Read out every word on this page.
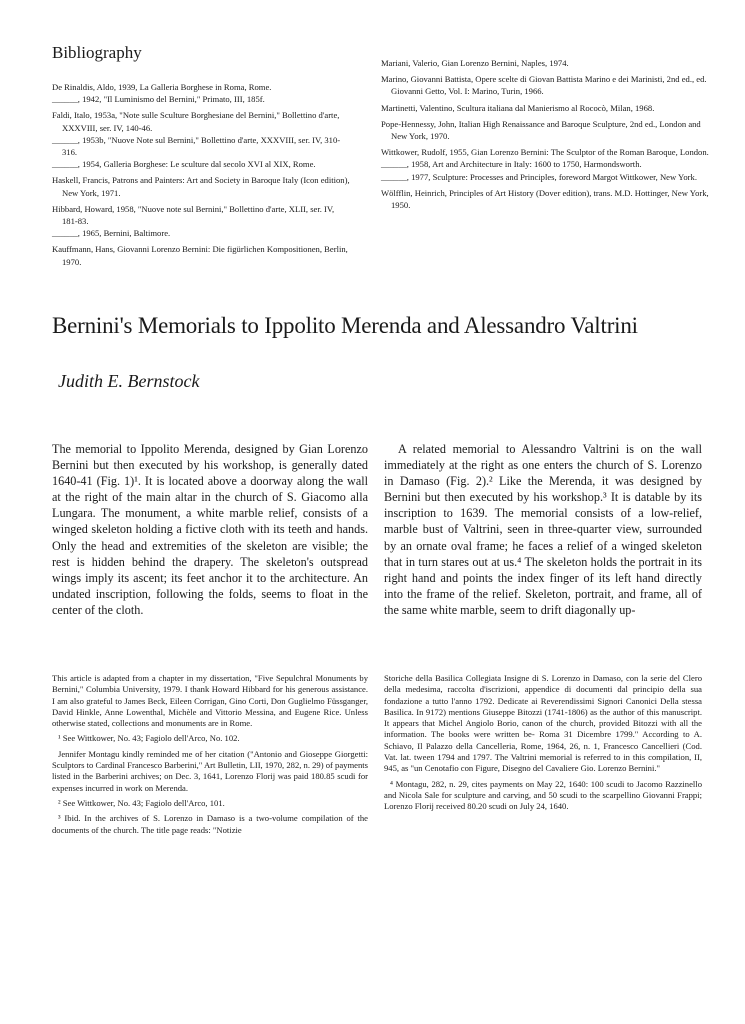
Bibliography
De Rinaldis, Aldo, 1939, La Galleria Borghese in Roma, Rome.
______, 1942, "Il Luminismo del Bernini," Primato, III, 185f.
Faldi, Italo, 1953a, "Note sulle Sculture Borghesiane del Bernini," Bollettino d'arte, XXXVIII, ser. IV, 140-46.
______, 1953b, "Nuove Note sul Bernini," Bollettino d'arte, XXXVIII, ser. IV, 310-316.
______, 1954, Galleria Borghese: Le sculture dal secolo XVI al XIX, Rome.
Haskell, Francis, Patrons and Painters: Art and Society in Baroque Italy (Icon edition), New York, 1971.
Hibbard, Howard, 1958, "Nuove note sul Bernini," Bollettino d'arte, XLII, ser. IV, 181-83.
______, 1965, Bernini, Baltimore.
Kauffmann, Hans, Giovanni Lorenzo Bernini: Die figürlichen Kompositionen, Berlin, 1970.
Mariani, Valerio, Gian Lorenzo Bernini, Naples, 1974.
Marino, Giovanni Battista, Opere scelte di Giovan Battista Marino e dei Marinisti, 2nd ed., ed. Giovanni Getto, Vol. I: Marino, Turin, 1966.
Martinetti, Valentino, Scultura italiana dal Manierismo al Rococò, Milan, 1968.
Pope-Hennessy, John, Italian High Renaissance and Baroque Sculpture, 2nd ed., London and New York, 1970.
Wittkower, Rudolf, 1955, Gian Lorenzo Bernini: The Sculptor of the Roman Baroque, London.
______, 1958, Art and Architecture in Italy: 1600 to 1750, Harmondsworth.
______, 1977, Sculpture: Processes and Principles, foreword Margot Wittkower, New York.
Wölfflin, Heinrich, Principles of Art History (Dover edition), trans. M.D. Hottinger, New York, 1950.
Bernini's Memorials to Ippolito Merenda and Alessandro Valtrini
Judith E. Bernstock

The memorial to Ippolito Merenda, designed by Gian Lorenzo Bernini but then executed by his workshop, is generally dated 1640-41 (Fig. 1)¹. It is located above a doorway along the wall at the right of the main altar in the church of S. Giacomo alla Lungara. The monument, a white marble relief, consists of a winged skeleton holding a fictive cloth with its teeth and hands. Only the head and extremities of the skeleton are visible; the rest is hidden behind the drapery. The skeleton's outspread wings imply its ascent; its feet anchor it to the architecture. An undated inscription, following the folds, seems to float in the center of the cloth.

A related memorial to Alessandro Valtrini is on the wall immediately at the right as one enters the church of S. Lorenzo in Damaso (Fig. 2).² Like the Merenda, it was designed by Bernini but then executed by his workshop.³ It is datable by its inscription to 1639. The memorial consists of a low-relief, marble bust of Valtrini, seen in three-quarter view, surrounded by an ornate oval frame; he faces a relief of a winged skeleton that in turn stares out at us.⁴ The skeleton holds the portrait in its right hand and points the index finger of its left hand directly into the frame of the relief. Skeleton, portrait, and frame, all of the same white marble, seem to drift diagonally up-

This article is adapted from a chapter in my dissertation, "Five Sepulchral Monuments by Bernini," Columbia University, 1979. I thank Howard Hibbard for his generous assistance. I am also grateful to James Beck, Eileen Corrigan, Gino Corti, Don Guglielmo Füssganger, David Hinkle, Anne Lowenthal, Michèle and Vittorio Messina, and Eugene Rice. Unless otherwise stated, collections and monuments are in Rome.

¹ See Wittkower, No. 43; Fagiolo dell'Arco, No. 102.

Jennifer Montagu kindly reminded me of her citation ("Antonio and Gioseppe Giorgetti: Sculptors to Cardinal Francesco Barberini," Art Bulletin, LII, 1970, 282, n. 29) of payments listed in the Barberini archives; on Dec. 3, 1641, Lorenzo Florij was paid 180.85 scudi for expenses incurred in work on Merenda.

² See Wittkower, No. 43; Fagiolo dell'Arco, 101.

³ Ibid. In the archives of S. Lorenzo in Damaso is a two-volume compilation of the documents of the church. The title page reads: "Notizie

Storiche della Basilica Collegiata Insigne di S. Lorenzo in Damaso, con la serie del Clero della medesima, raccolta d'iscrizioni, appendice di documenti dal principio della sua fondazione a tutto l'anno 1792. Dedicate ai Reverendissimi Signori Canonici Della stessa Basilica. In 9172) mentions Giuseppe Bitozzi (1741-1806) as the author of this manuscript. It appears that Michel Angiolo Borio, canon of the church, provided Bitozzi with all the information. The books were written be- Roma 31 Dicembre 1799." According to A. Schiavo, Il Palazzo della Cancelleria, Rome, 1964, 26, n. 1, Francesco Cancellieri (Cod. Vat. lat. tween 1794 and 1797. The Valtrini memorial is referred to in this compilation, II, 945, as "un Cenotafio con Figure, Disegno del Cavaliere Gio. Lorenzo Bernini."

⁴ Montagu, 282, n. 29, cites payments on May 22, 1640: 100 scudi to Jacomo Razzinello and Nicola Sale for sculpture and carving, and 50 scudi to the scarpellino Giovanni Frappi; Lorenzo Florij received 80.20 scudi on July 24, 1640.
